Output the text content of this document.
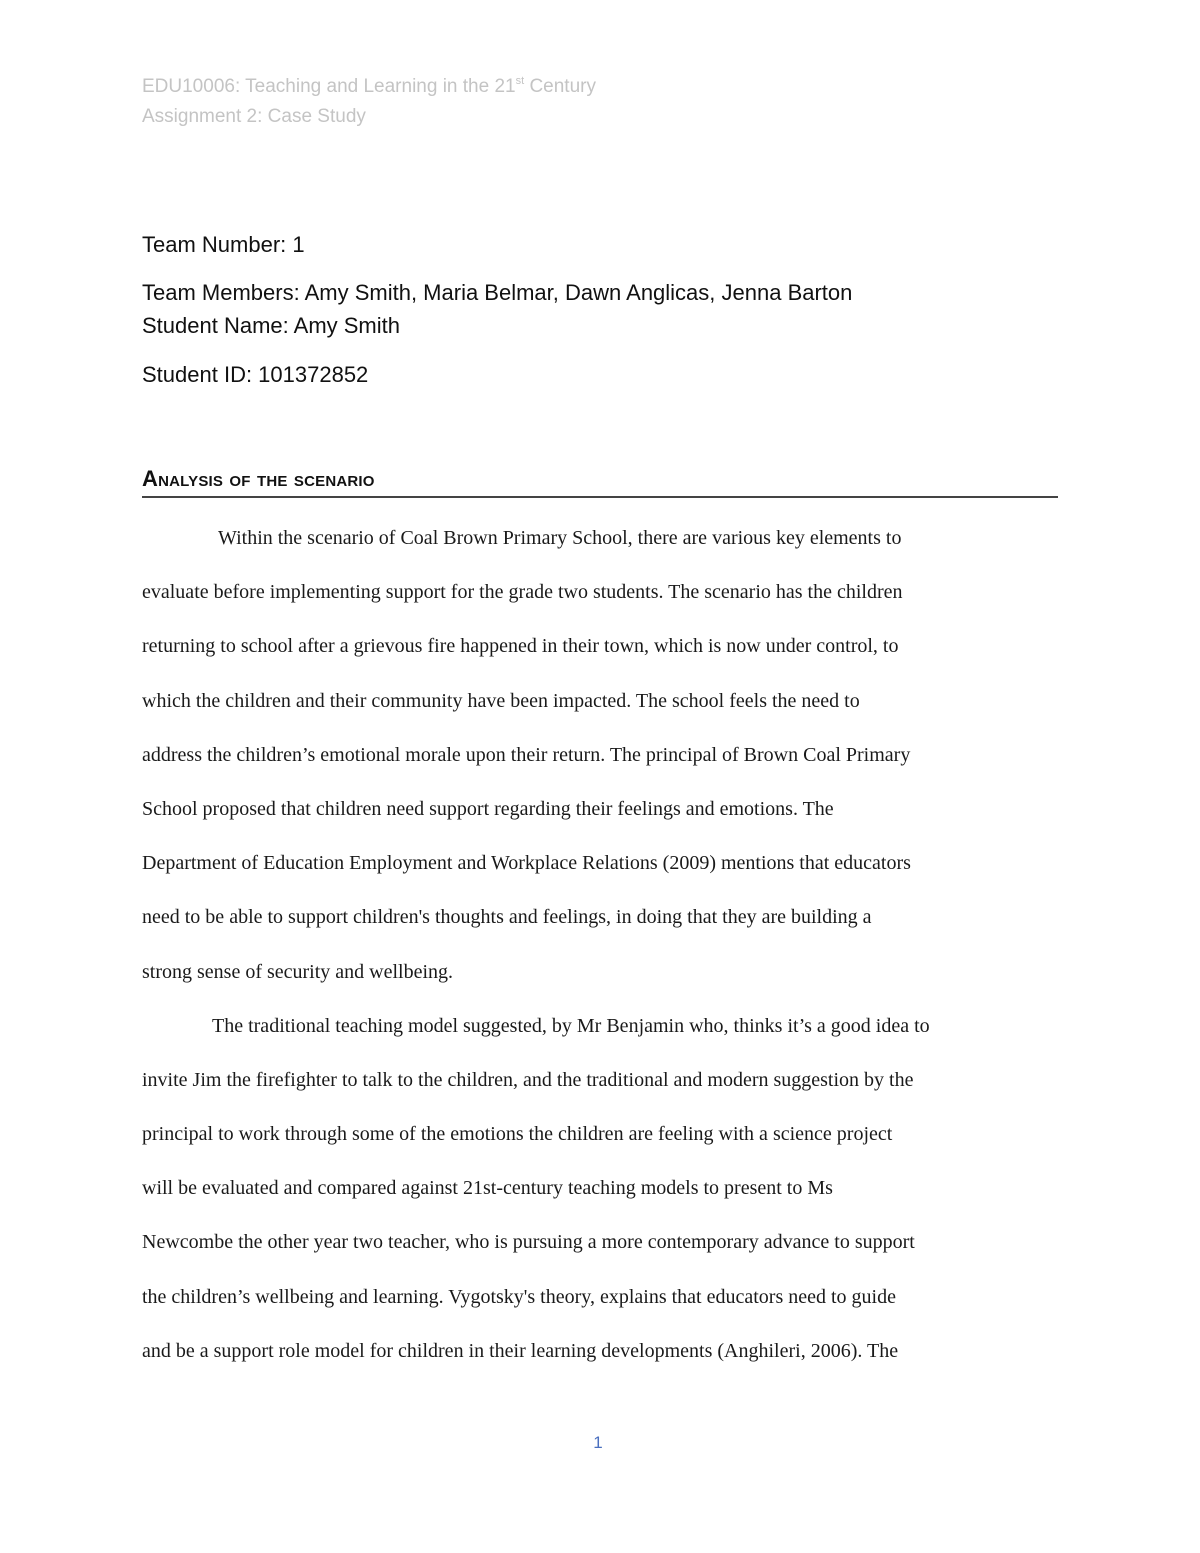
EDU10006: Teaching and Learning in the 21st Century
Assignment 2: Case Study
Team Number: 1
Team Members: Amy Smith, Maria Belmar, Dawn Anglicas, Jenna Barton
Student Name: Amy Smith
Student ID: 101372852
Analysis of the scenario
Within the scenario of Coal Brown Primary School, there are various key elements to
evaluate before implementing support for the grade two students. The scenario has the children
returning to school after a grievous fire happened in their town, which is now under control, to
which the children and their community have been impacted. The school feels the need to
address the children’s emotional morale upon their return. The principal of Brown Coal Primary
School proposed that children need support regarding their feelings and emotions. The
Department of Education Employment and Workplace Relations (2009) mentions that educators
need to be able to support children's thoughts and feelings, in doing that they are building a
strong sense of security and wellbeing.
The traditional teaching model suggested, by Mr Benjamin who, thinks it’s a good idea to
invite Jim the firefighter to talk to the children, and the traditional and modern suggestion by the
principal to work through some of the emotions the children are feeling with a science project
will be evaluated and compared against 21st-century teaching models to present to Ms
Newcombe the other year two teacher, who is pursuing a more contemporary advance to support
the children’s wellbeing and learning. Vygotsky's theory, explains that educators need to guide
and be a support role model for children in their learning developments (Anghileri, 2006). The
1
